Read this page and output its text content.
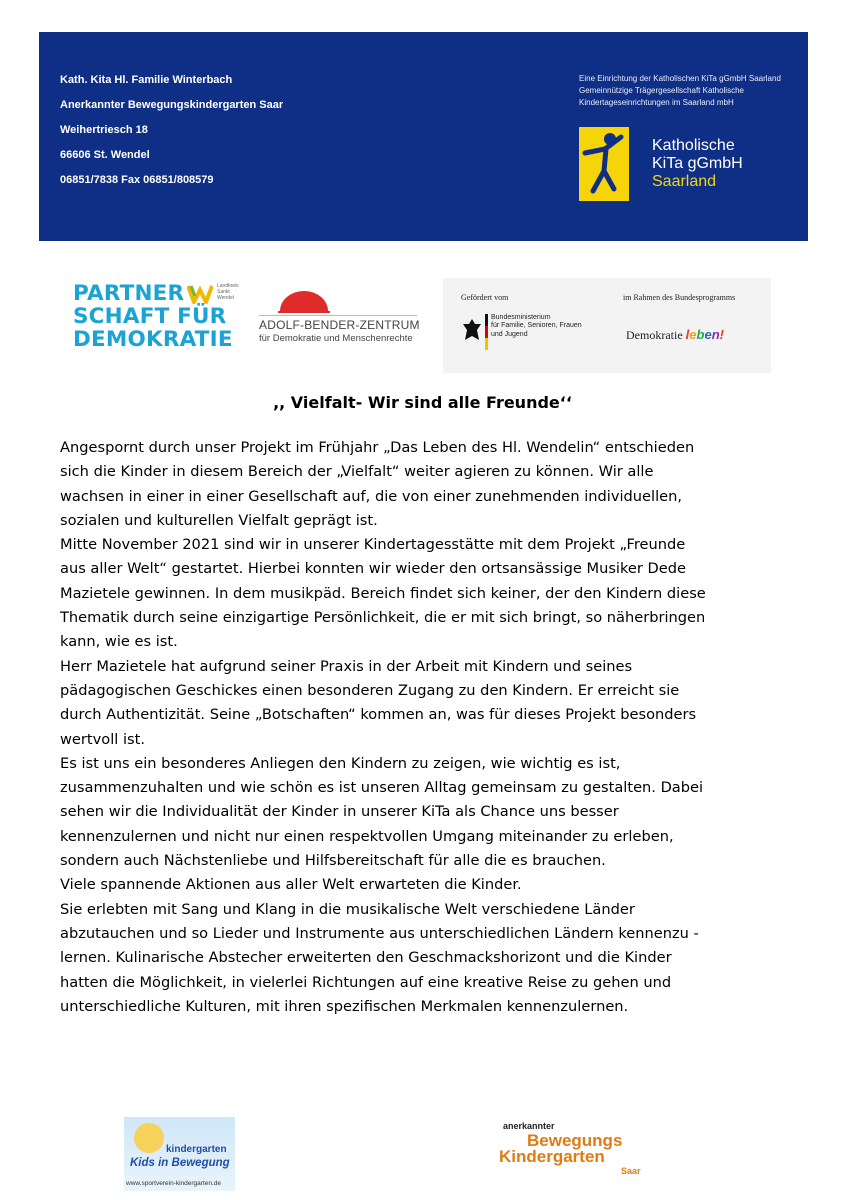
Kath. Kita Hl. Familie Winterbach
Anerkannter Bewegungskindergarten Saar
Weihertriesch 18
66606 St. Wendel
06851/7838 Fax 06851/808579
Eine Einrichtung der Katholischen KiTa gGmbH Saarland
Gemeinnützige Trägergesellschaft Katholische
Kindertageseinrichtungen im Saarland mbH
Katholische
KiTa gGmbH
Saarland
PARTNER
SCHAFT FÜR
DEMOKRATIE
Landkreis
Sankt
Wendel
ADOLF-BENDER-ZENTRUM
für Demokratie und Menschenrechte
Gefördert vom	im Rahmen des Bundesprogramms
Bundesministerium
für Familie, Senioren, Frauen
und Jugend	Demokratie leben!
,, Vielfalt- Wir sind alle Freunde‘‘
Angespornt durch unser Projekt im Frühjahr „Das Leben des Hl. Wendelin“ entschieden
sich die Kinder in diesem Bereich der „Vielfalt“ weiter agieren zu können. Wir alle
wachsen in einer in einer Gesellschaft auf, die von einer zunehmenden individuellen,
sozialen und kulturellen Vielfalt geprägt ist.
Mitte November 2021 sind wir in unserer Kindertagesstätte mit dem Projekt „Freunde
aus aller Welt“ gestartet. Hierbei konnten wir wieder den ortsansässige Musiker Dede
Mazietele gewinnen. In dem musikpäd. Bereich findet sich keiner, der den Kindern diese
Thematik durch seine einzigartige Persönlichkeit, die er mit sich bringt, so näherbringen
kann, wie es ist.
Herr Mazietele hat aufgrund seiner Praxis in der Arbeit mit Kindern und seines
pädagogischen Geschickes einen besonderen Zugang zu den Kindern. Er erreicht sie
durch Authentizität. Seine „Botschaften“ kommen an, was für dieses Projekt besonders
wertvoll ist.
Es ist uns ein besonderes Anliegen den Kindern zu zeigen, wie wichtig es ist,
zusammenzuhalten und wie schön es ist unseren Alltag gemeinsam zu gestalten. Dabei
sehen wir die Individualität der Kinder in unserer KiTa als Chance uns besser
kennenzulernen und nicht nur einen respektvollen Umgang miteinander zu erleben,
sondern auch Nächstenliebe und Hilfsbereitschaft für alle die es brauchen.
Viele spannende Aktionen aus aller Welt erwarteten die Kinder.
Sie erlebten mit Sang und Klang in die musikalische Welt verschiedene Länder
abzutauchen und so Lieder und Instrumente aus unterschiedlichen Ländern kennenzu -
lernen. Kulinarische Abstecher erweiterten den Geschmackshorizont und die Kinder
hatten die Möglichkeit, in vielerlei Richtungen auf eine kreative Reise zu gehen und
unterschiedliche Kulturen, mit ihren spezifischen Merkmalen kennenzulernen.
kindergarten
Kids in Bewegung
www.sportverein-kindergarten.de
anerkannter
Bewegungs
Kindergarten
Saar
